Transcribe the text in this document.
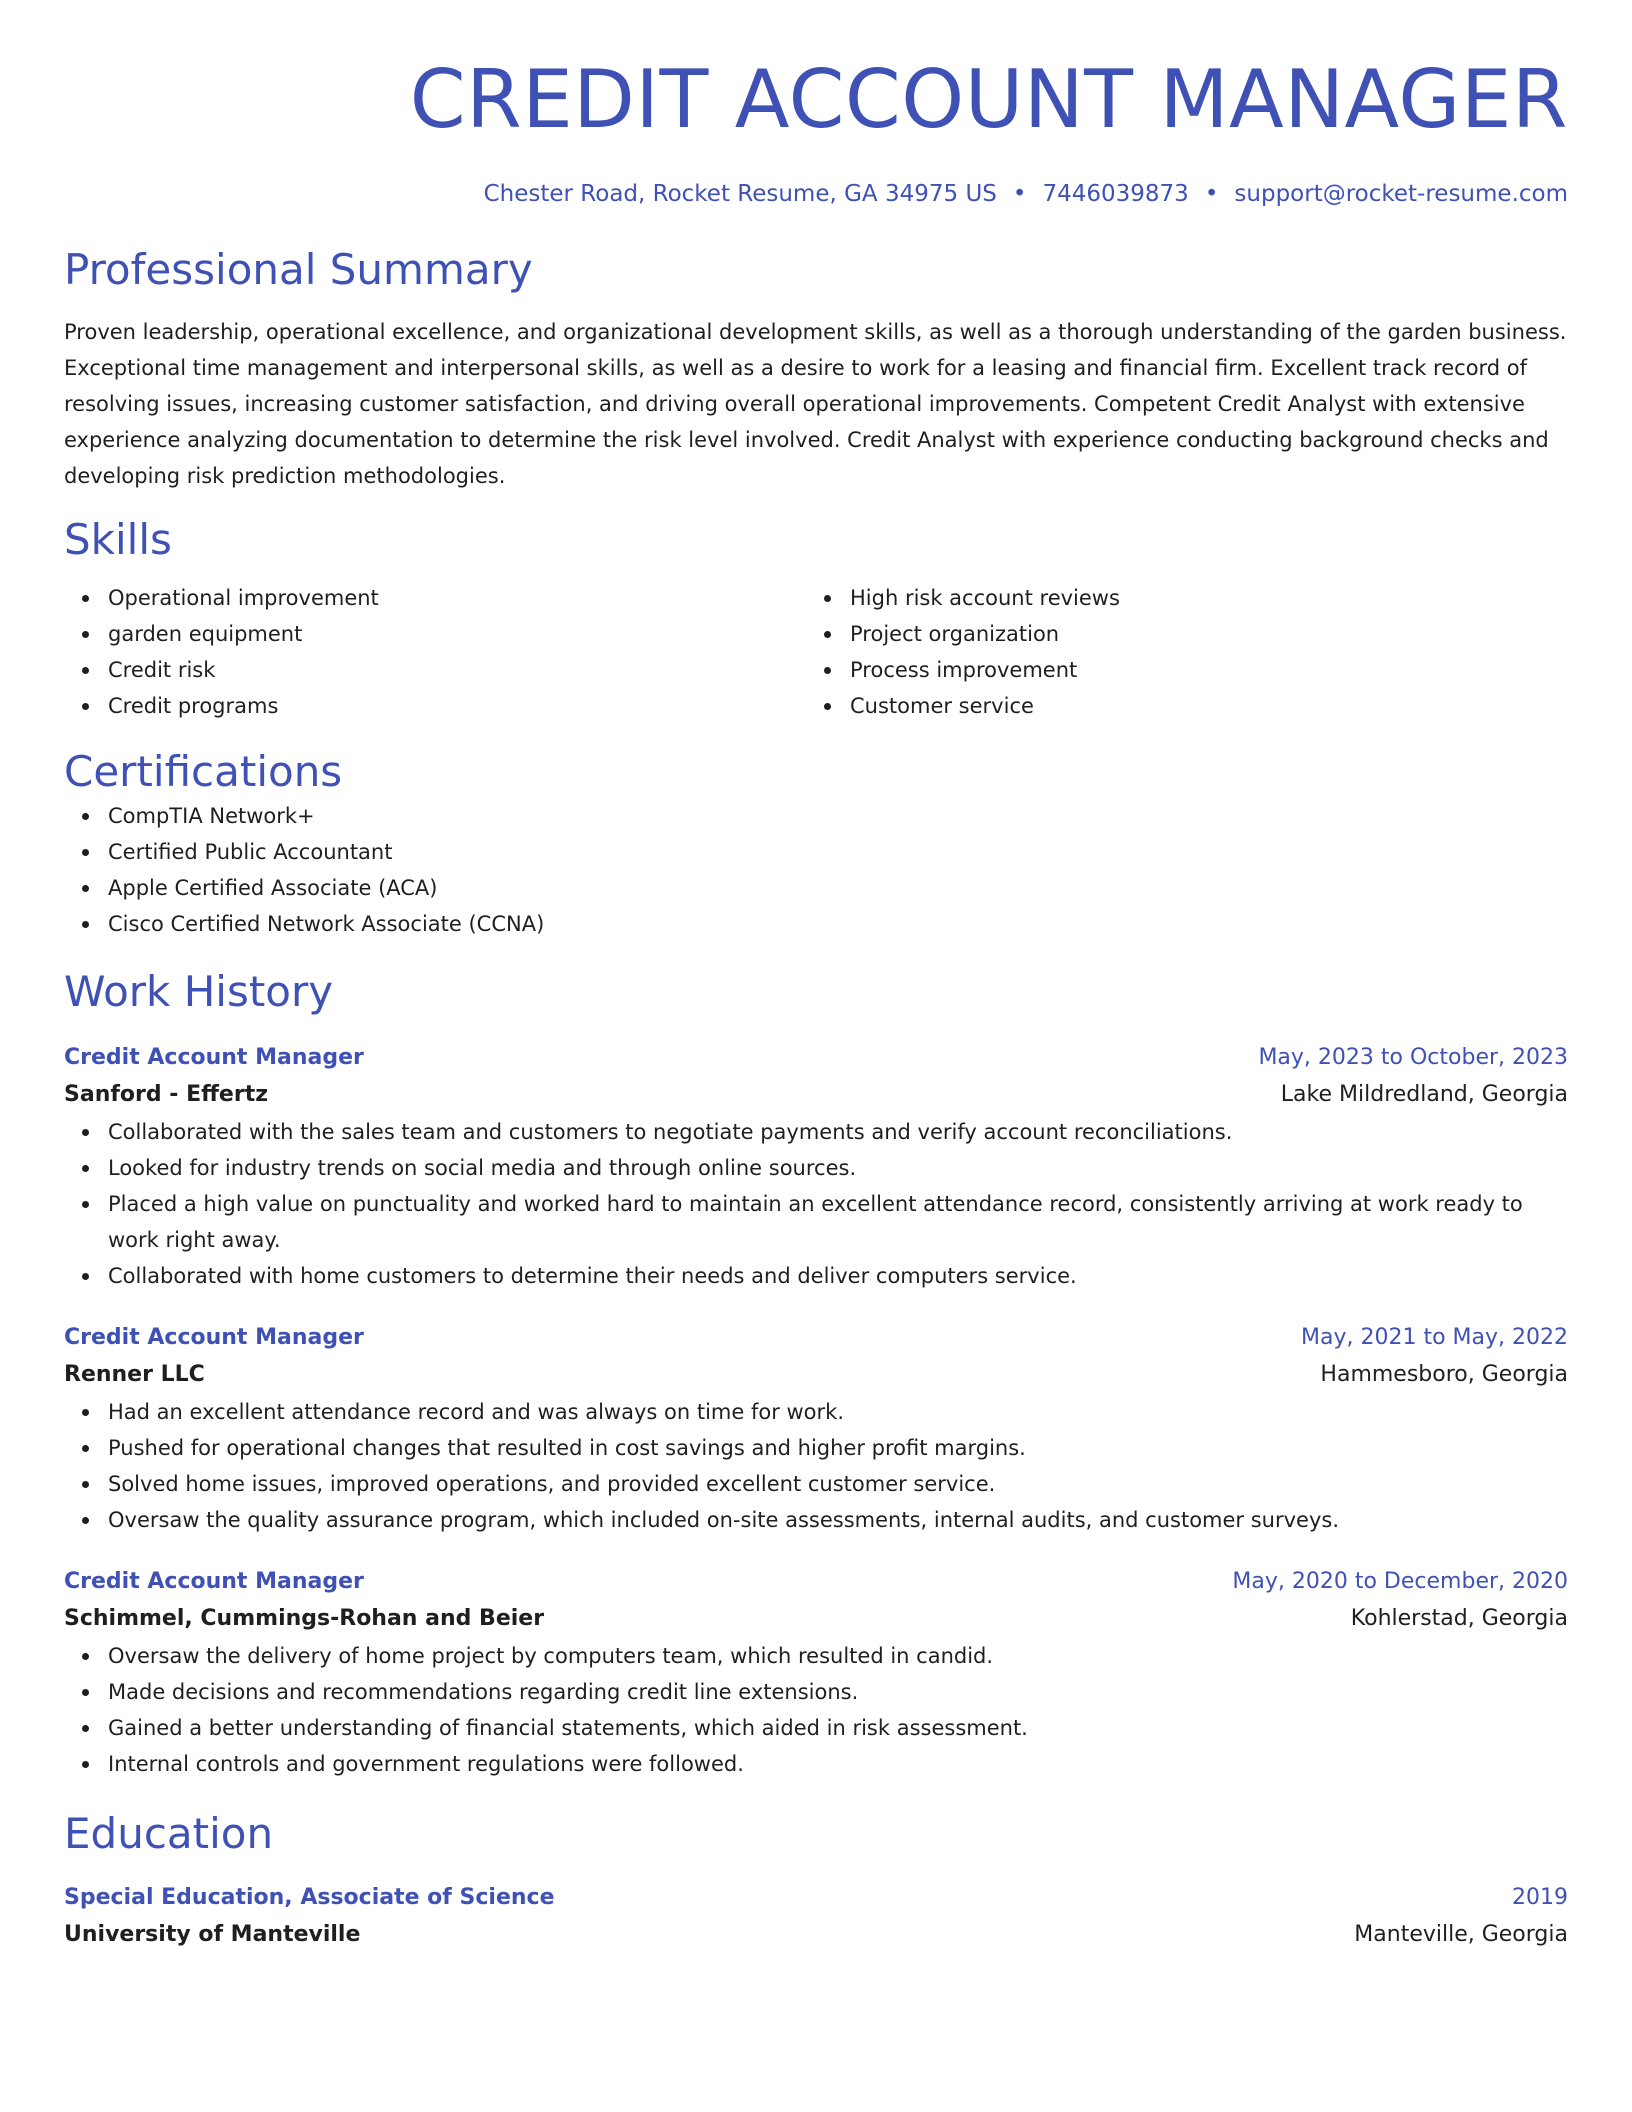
CREDIT ACCOUNT MANAGER
Chester Road, Rocket Resume, GA 34975 US • 7446039873 • support@rocket-resume.com
Professional Summary
Proven leadership, operational excellence, and organizational development skills, as well as a thorough understanding of the garden business. Exceptional time management and interpersonal skills, as well as a desire to work for a leasing and financial firm. Excellent track record of resolving issues, increasing customer satisfaction, and driving overall operational improvements. Competent Credit Analyst with extensive experience analyzing documentation to determine the risk level involved. Credit Analyst with experience conducting background checks and developing risk prediction methodologies.
Skills
Operational improvement
garden equipment
Credit risk
Credit programs
High risk account reviews
Project organization
Process improvement
Customer service
Certifications
CompTIA Network+
Certified Public Accountant
Apple Certified Associate (ACA)
Cisco Certified Network Associate (CCNA)
Work History
Credit Account Manager	May, 2023 to October, 2023
Sanford - Effertz	Lake Mildredland, Georgia
Collaborated with the sales team and customers to negotiate payments and verify account reconciliations.
Looked for industry trends on social media and through online sources.
Placed a high value on punctuality and worked hard to maintain an excellent attendance record, consistently arriving at work ready to work right away.
Collaborated with home customers to determine their needs and deliver computers service.
Credit Account Manager	May, 2021 to May, 2022
Renner LLC	Hammesboro, Georgia
Had an excellent attendance record and was always on time for work.
Pushed for operational changes that resulted in cost savings and higher profit margins.
Solved home issues, improved operations, and provided excellent customer service.
Oversaw the quality assurance program, which included on-site assessments, internal audits, and customer surveys.
Credit Account Manager	May, 2020 to December, 2020
Schimmel, Cummings-Rohan and Beier	Kohlerstad, Georgia
Oversaw the delivery of home project by computers team, which resulted in candid.
Made decisions and recommendations regarding credit line extensions.
Gained a better understanding of financial statements, which aided in risk assessment.
Internal controls and government regulations were followed.
Education
Special Education, Associate of Science	2019
University of Manteville	Manteville, Georgia
